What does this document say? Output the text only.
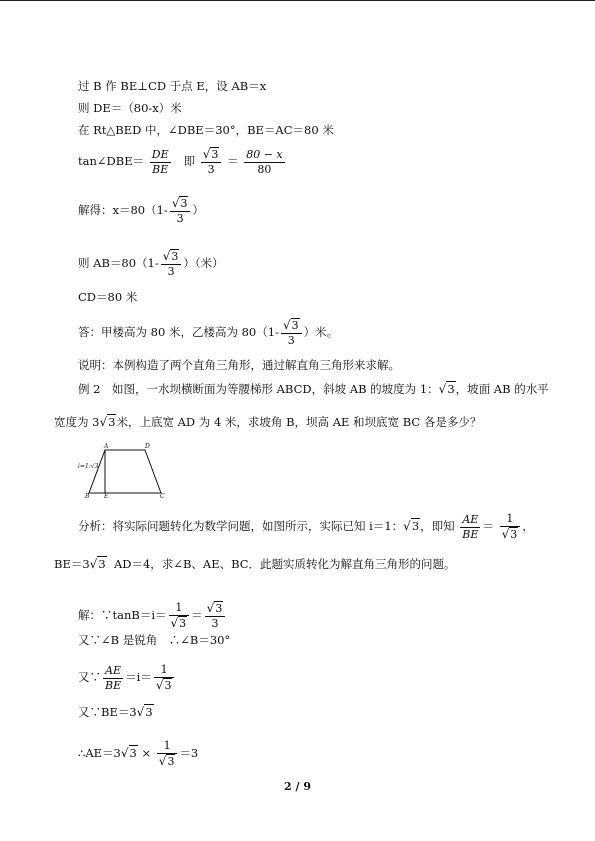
过 B 作 BE⊥CD 于点 E，设 AB＝x
则 DE＝（80-x）米
在 Rt△BED 中，∠DBE＝30°，BE＝AC＝80 米
tan∠DBE＝ $\frac{DE}{BE}$ 即 $\frac{√3}{3} = \frac{80 - x}{80}$
解得：$x=80(1- \frac{√3}{3}$ ）
则 $AB=80(1- \frac{√3}{3}$ ）（米）
CD＝80 米
答：甲楼高为 80 米，乙楼高为 $80(1- \frac{√3}{3}$ ）米。
说明：本例构造了两个直角三角形，通过解直角三角形来求解。
例 2　如图，一水坝横断面为等腰梯形 ABCD，斜坡 AB 的坡度为 1：√3，坡面 AB 的水平
宽度为 3√3米，上底宽 AD 为 4 米，求坡角 B，坝高 AE 和坝底宽 BC 各是多少？
A	D
B E	C
i=1:√3
分析：将实际问题转化为数学问题，如图所示，实际已知 i＝1：√3，即知 $\frac{AE}{BE} = \frac{1}{√3}$ ，
BE＝3√3 AD＝4，求∠B、AE、BC．此题实质转化为解直角三角形的问题。
解：∵tanB＝i＝ $\frac{1}{√3} = \frac{√3}{3}$
又∵∠B 是锐角　∴∠B＝30°
又∵ $\frac{AE}{BE} =i= \frac{1}{√3}$
又∵BE＝3√3
∴AE＝3√3 × $\frac{1}{√3} =3$
2 / 9
